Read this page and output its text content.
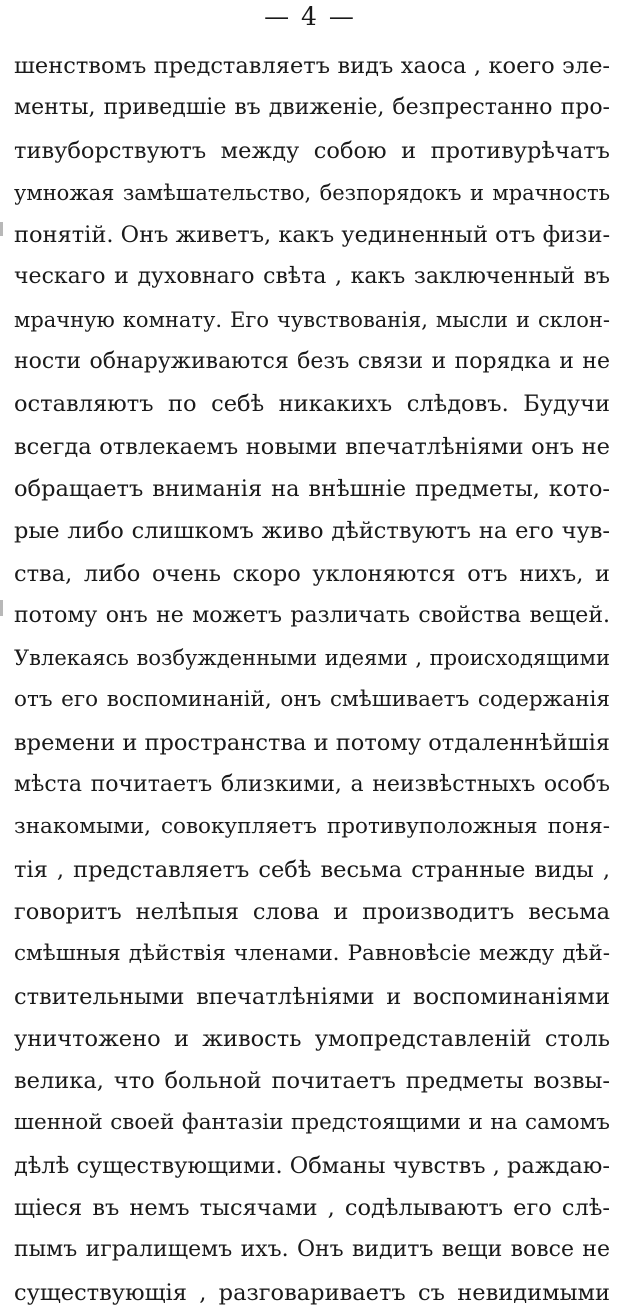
— 4 —
шенствомъ представляетъ видъ хаоса , коего эле-
менты, приведшіе въ движеніе, безпрестанно про-
тивуборствуютъ между собою и противурѣчатъ
умножая замѣшательство, безпорядокъ и мрачность
понятій. Онъ живетъ, какъ уединенный отъ физи-
ческаго и духовнаго свѣта , какъ заключенный въ
мрачную комнату. Его чувствованія, мысли и склон-
ности обнаруживаются безъ связи и порядка и не
оставляютъ по себѣ никакихъ слѣдовъ. Будучи
всегда отвлекаемъ новыми впечатлѣніями онъ не
обращаетъ вниманія на внѣшніе предметы, кото-
рые либо слишкомъ живо дѣйствуютъ на его чув-
ства, либо очень скоро уклоняются отъ нихъ, и
потому онъ не можетъ различать свойства вещей.
Увлекаясь возбужденными идеями , происходящими
отъ его воспоминаній, онъ смѣшиваетъ содержанія
времени и пространства и потому отдаленнѣйшія
мѣста почитаетъ близкими, а неизвѣстныхъ особъ
знакомыми, совокупляетъ противуположныя поня-
тія , представляетъ себѣ весьма странные виды ,
говоритъ нелѣпыя слова и производитъ весьма
смѣшныя дѣйствія членами. Равновѣсіе между дѣй-
ствительными впечатлѣніями и воспоминаніями
уничтожено и живость умопредставленій столь
велика, что больной почитаетъ предметы возвы-
шенной своей фантазіи предстоящими и на самомъ
дѣлѣ существующими. Обманы чувствъ , раждаю-
щіеся въ немъ тысячами , содѣлываютъ его слѣ-
пымъ игралищемъ ихъ. Онъ видитъ вещи вовсе не
существующія , разговариваетъ съ невидимыми
